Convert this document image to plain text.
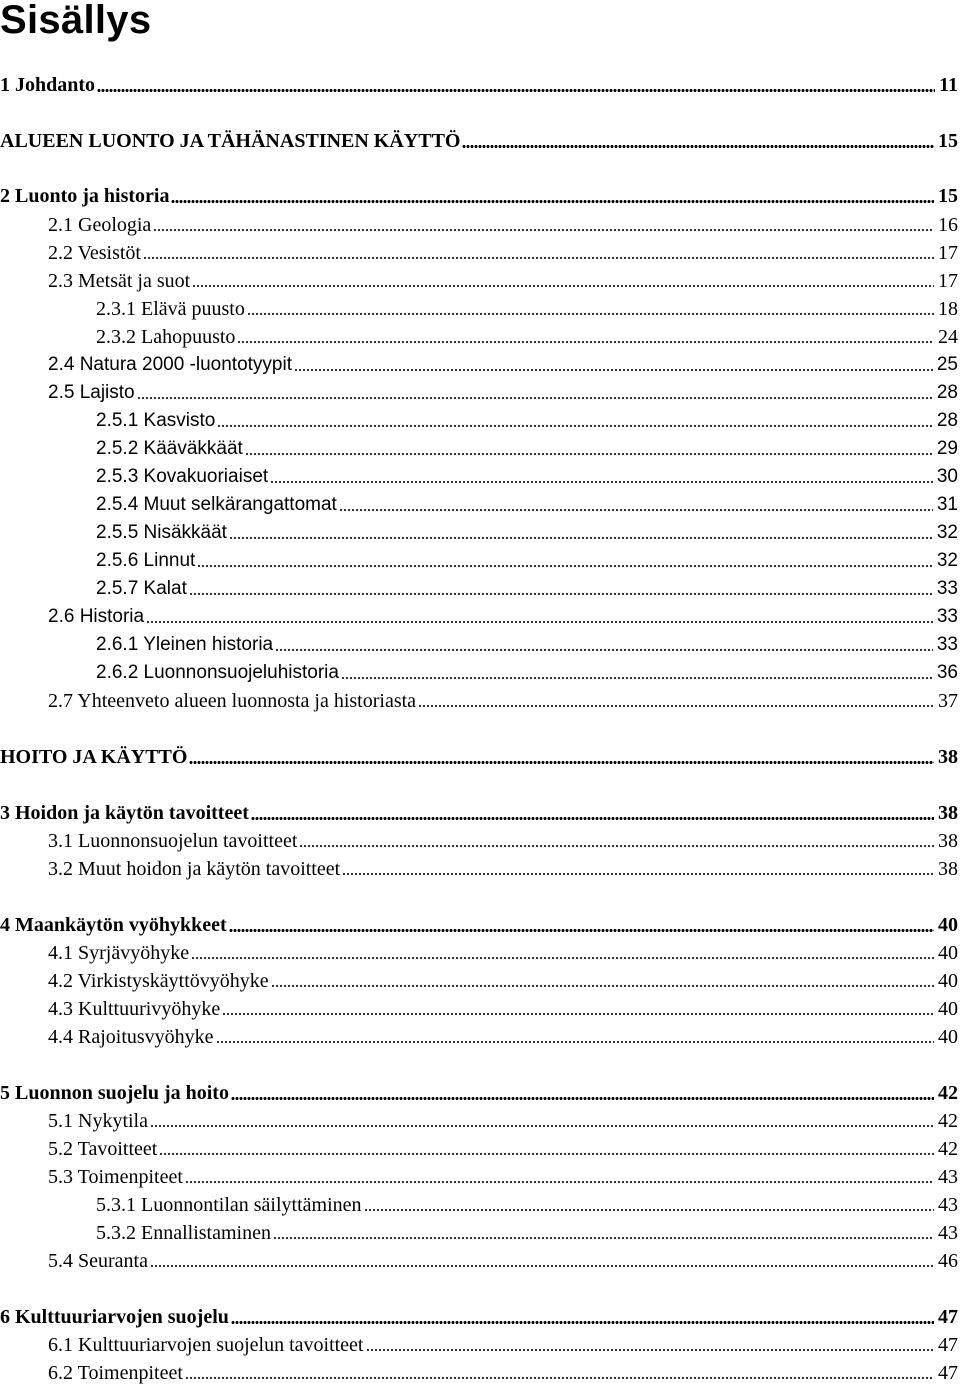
Sisällys
1 Johdanto	11
ALUEEN LUONTO JA TÄHÄNASTINEN KÄYTTÖ	15
2 Luonto ja historia	15
2.1 Geologia	16
2.2 Vesistöt	17
2.3 Metsät ja suot	17
2.3.1 Elävä puusto	18
2.3.2 Lahopuusto	24
2.4 Natura 2000 -luontotyypit	25
2.5 Lajisto	28
2.5.1 Kasvisto	28
2.5.2 Kääväkkäät	29
2.5.3 Kovakuoriaiset	30
2.5.4 Muut selkärangattomat	31
2.5.5 Nisäkkäät	32
2.5.6 Linnut	32
2.5.7 Kalat	33
2.6 Historia	33
2.6.1 Yleinen historia	33
2.6.2 Luonnonsuojeluhistoria	36
2.7 Yhteenveto alueen luonnosta ja historiasta	37
HOITO JA KÄYTTÖ	38
3 Hoidon ja käytön tavoitteet	38
3.1 Luonnonsuojelun tavoitteet	38
3.2 Muut hoidon ja käytön tavoitteet	38
4 Maankäytön vyöhykkeet	40
4.1 Syrjävyöhyke	40
4.2 Virkistyskäyttövyöhyke	40
4.3 Kulttuurivyöhyke	40
4.4 Rajoitusvyöhyke	40
5 Luonnon suojelu ja hoito	42
5.1 Nykytila	42
5.2 Tavoitteet	42
5.3 Toimenpiteet	43
5.3.1 Luonnontilan säilyttäminen	43
5.3.2 Ennallistaminen	43
5.4 Seuranta	46
6 Kulttuuriarvojen suojelu	47
6.1 Kulttuuriarvojen suojelun tavoitteet	47
6.2 Toimenpiteet	47
